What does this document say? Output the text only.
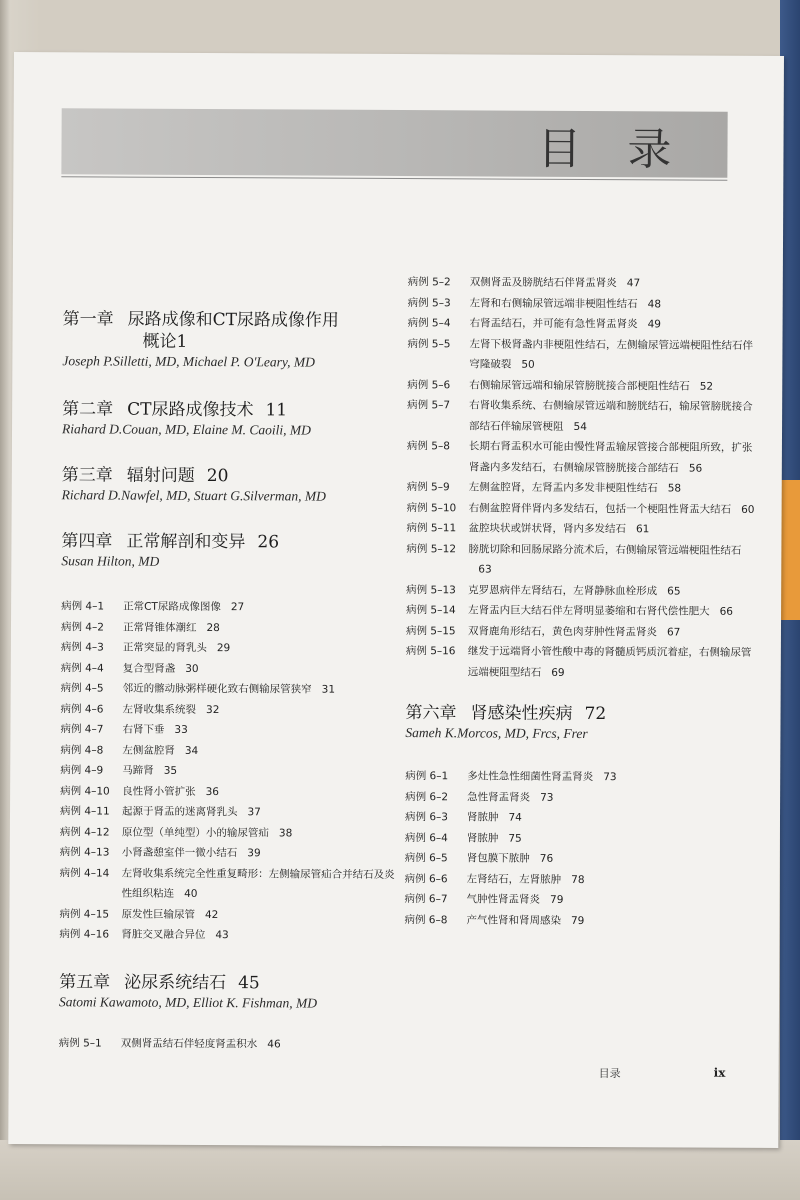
目 录
第一章 尿路成像和CT尿路成像作用
概论1
Joseph P.Silletti, MD, Michael P. O'Leary, MD
第二章 CT尿路成像技术 11
Riahard D.Couan, MD, Elaine M. Caoili, MD
第三章 辐射问题 20
Richard D.Nawfel, MD, Stuart G.Silverman, MD
第四章 正常解剖和变异 26
Susan Hilton, MD
病例 4–1	正常CT尿路成像图像 27
病例 4–2	正常肾锥体潮红 28
病例 4–3	正常突显的肾乳头 29
病例 4–4	复合型肾盏 30
病例 4–5	邻近的髂动脉粥样硬化致右侧输尿管狭窄 31
病例 4–6	左肾收集系统裂 32
病例 4–7	右肾下垂 33
病例 4–8	左侧盆腔肾 34
病例 4–9	马蹄肾 35
病例 4–10	良性肾小管扩张 36
病例 4–11	起源于肾盂的迷离肾乳头 37
病例 4–12	原位型（单纯型）小的输尿管疝 38
病例 4–13	小肾盏憩室伴一微小结石 39
病例 4–14	左肾收集系统完全性重复畸形：左侧输尿管疝合并结石及炎性组织粘连 40
病例 4–15	原发性巨输尿管 42
病例 4–16	肾脏交叉融合异位 43
第五章 泌尿系统结石 45
Satomi Kawamoto, MD, Elliot K. Fishman, MD
病例 5–1	双侧肾盂结石伴轻度肾盂积水 46
病例 5–2	双侧肾盂及膀胱结石伴肾盂肾炎 47
病例 5–3	左肾和右侧输尿管远端非梗阻性结石 48
病例 5–4	右肾盂结石，并可能有急性肾盂肾炎 49
病例 5–5	左肾下极肾盏内非梗阻性结石，左侧输尿管远端梗阻性结石伴穹隆破裂 50
病例 5–6	右侧输尿管远端和输尿管膀胱接合部梗阻性结石 52
病例 5–7	右肾收集系统、右侧输尿管远端和膀胱结石，输尿管膀胱接合部结石伴输尿管梗阻 54
病例 5–8	长期右肾盂积水可能由慢性肾盂输尿管接合部梗阻所致，扩张肾盏内多发结石，右侧输尿管膀胱接合部结石 56
病例 5–9	左侧盆腔肾，左肾盂内多发非梗阻性结石 58
病例 5–10	右侧盆腔肾伴肾内多发结石，包括一个梗阻性肾盂大结石 60
病例 5–11	盆腔块状或饼状肾，肾内多发结石 61
病例 5–12	膀胱切除和回肠尿路分流术后，右侧输尿管远端梗阻性结石63
病例 5–13	克罗恩病伴左肾结石，左肾静脉血栓形成 65
病例 5–14	左肾盂内巨大结石伴左肾明显萎缩和右肾代偿性肥大 66
病例 5–15	双肾鹿角形结石，黄色肉芽肿性肾盂肾炎 67
病例 5–16	继发于远端肾小管性酸中毒的肾髓质钙质沉着症，右侧输尿管远端梗阻型结石 69
第六章 肾感染性疾病 72
Sameh K.Morcos, MD, Frcs, Frer
病例 6–1	多灶性急性细菌性肾盂肾炎 73
病例 6–2	急性肾盂肾炎 73
病例 6–3	肾脓肿 74
病例 6–4	肾脓肿 75
病例 6–5	肾包膜下脓肿 76
病例 6–6	左肾结石，左肾脓肿 78
病例 6–7	气肿性肾盂肾炎 79
病例 6–8	产气性肾和肾周感染 79
目录	ix
